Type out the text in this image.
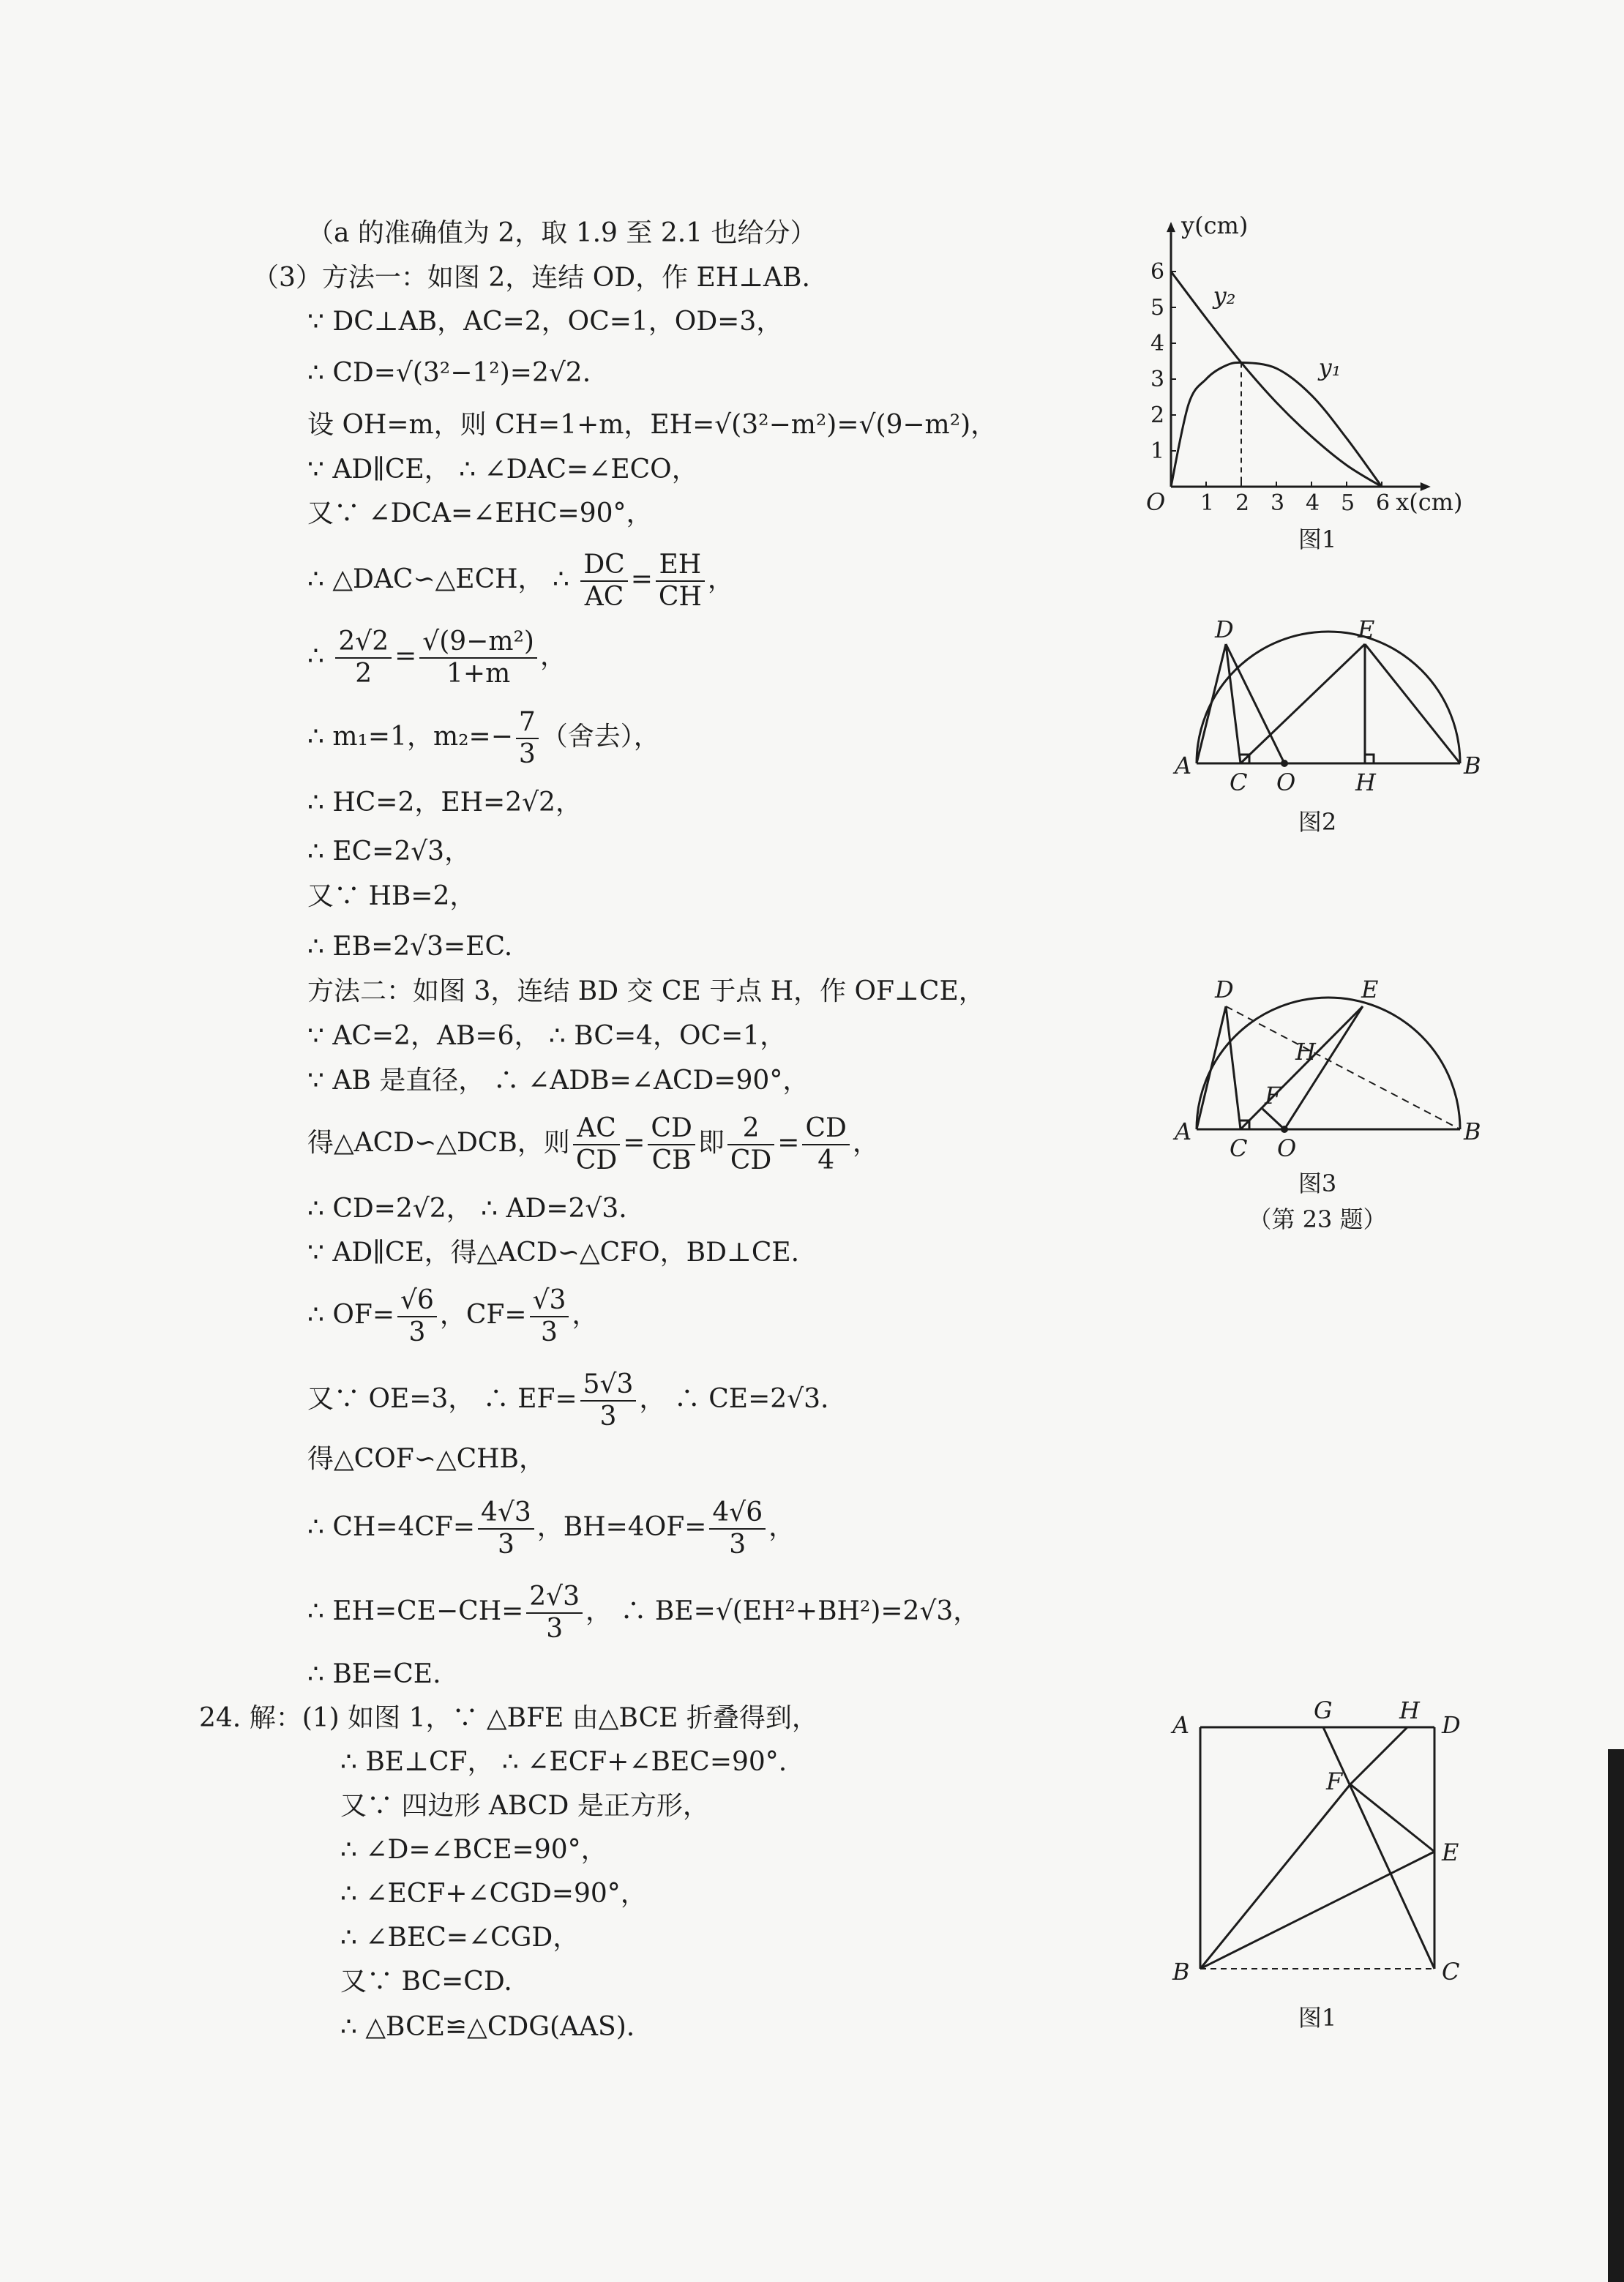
（a 的准确值为 2，取 1.9 至 2.1 也给分）
（3）方法一：如图 2，连结 OD，作 EH⊥AB.
∵ DC⊥AB，AC=2，OC=1，OD=3，
∴ CD=√(3²−1²)=2√2.
设 OH=m，则 CH=1+m，EH=√(3²−m²)=√(9−m²)，
∵ AD∥CE， ∴ ∠DAC=∠ECO，
又∵ ∠DCA=∠EHC=90°，
∴ △DAC∽△ECH， ∴ $\frac{DC}{AC} = \frac{EH}{CH}$ ，
∴ $\frac{2√2}{2} = \frac{\text{√(9−m²)}}{1+m}$ ，
∴ m₁=1，$m_2=- \frac{7}{3}$ （舍去），
∴ HC=2，EH=2√2，
∴ EC=2√3，
又∵ HB=2，
∴ EB=2√3=EC.
方法二：如图 3，连结 BD 交 CE 于点 H，作 OF⊥CE，
∵ AC=2，AB=6， ∴ BC=4，OC=1，
∵ AB 是直径， ∴ ∠ADB=∠ACD=90°，
得△ACD∽△DCB，则 $\frac{AC}{CD} = \frac{CD}{CB}$ 即 $\frac{2}{CD} = \frac{CD}{4}$ ，
∴ CD=2√2， ∴ AD=2√3.
∵ AD∥CE，得△ACD∽△CFO，BD⊥CE.
∴ $OF= \frac{√6}{3}$ ，$CF= \frac{√3}{3}$ ，
又∵ OE=3， ∴ $EF= \frac{5√3}{3}$ ， ∴ CE=2√3.
得△COF∽△CHB，
∴ $CH=4CF= \frac{4√3}{3}$ ，$BH=4OF= \frac{4√6}{3}$ ，
∴ $EH=CE-CH= \frac{2√3}{3}$ ， ∴ BE=√(EH²+BH²)=2√3，
∴ BE=CE.
24. 解：(1) 如图 1，∵ △BFE 由△BCE 折叠得到，
∴ BE⊥CF， ∴ ∠ECF+∠BEC=90°.
又∵ 四边形 ABCD 是正方形，
∴ ∠D=∠BCE=90°，
∴ ∠ECF+∠CGD=90°，
∴ ∠BEC=∠CGD，
又∵ BC=CD.
∴ △BCE≌△CDG(AAS).
1 2 3 4 5 6
1
2
3
4
5
6
O	x(cm)
y(cm)
y₁
y₂
图1
D	E
A
C O	H
B
图2
D	E
H
F
A
C O
B
图3
（第 23 题）
A
G	H
D
F
E
B	C
图1
